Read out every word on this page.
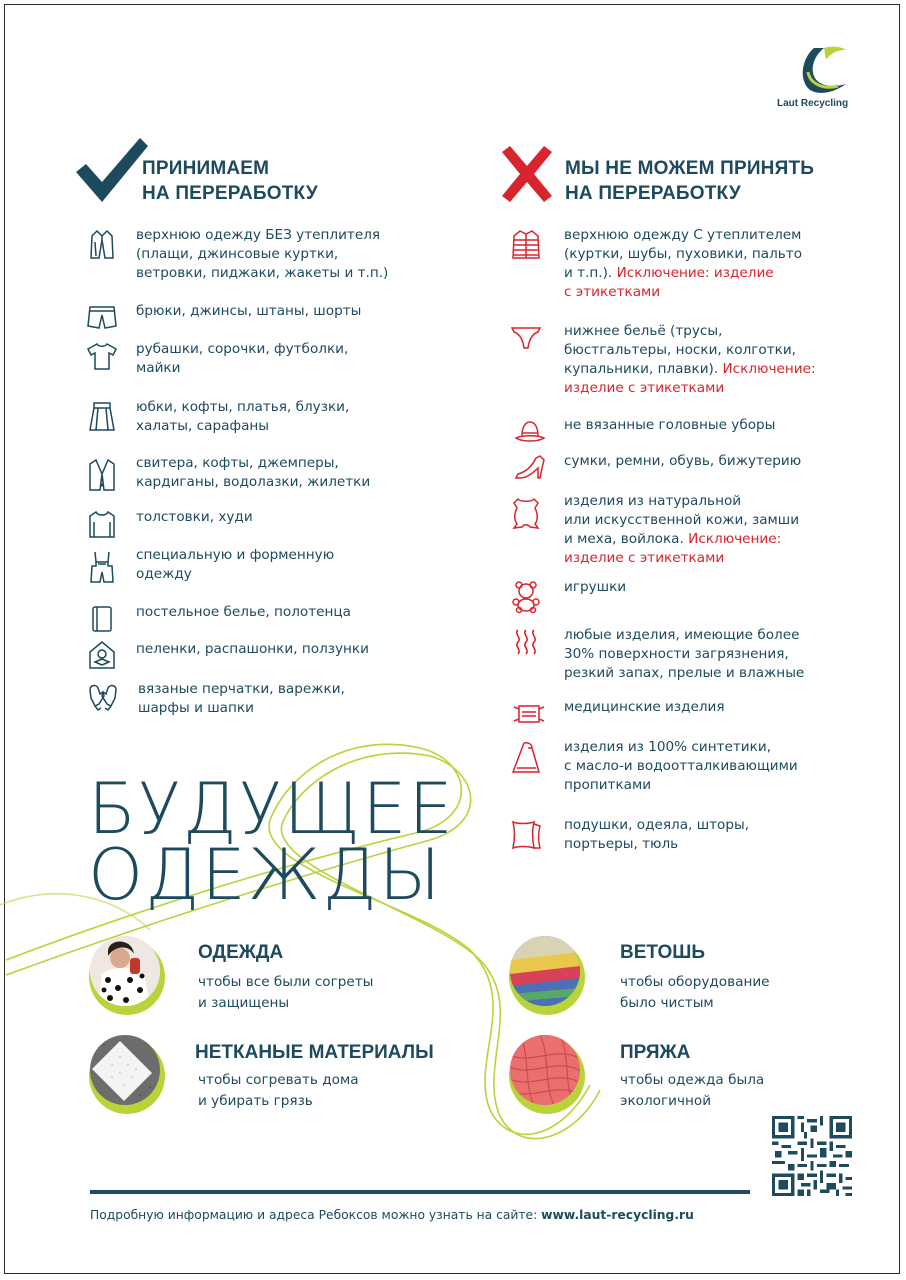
Laut Recycling
ПРИНИМАЕМ
НА ПЕРЕРАБОТКУ
верхнюю одежду БЕЗ утеплителя
(плащи, джинсовые куртки,
ветровки, пиджаки, жакеты и т.п.)
брюки, джинсы, штаны, шорты
рубашки, сорочки, футболки,
майки
юбки, кофты, платья, блузки,
халаты, сарафаны
свитера, кофты, джемперы,
кардиганы, водолазки, жилетки
толстовки, худи
специальную и форменную
одежду
постельное белье, полотенца
пеленки, распашонки, ползунки
вязаные перчатки, варежки,
шарфы и шапки
МЫ НЕ МОЖЕМ ПРИНЯТЬ
НА ПЕРЕРАБОТКУ
верхнюю одежду С утеплителем
(куртки, шубы, пуховики, пальто
и т.п.). Исключение: изделие
с этикетками
нижнее бельё (трусы,
бюстгальтеры, носки, колготки,
купальники, плавки). Исключение:
изделие с этикетками
не вязанные головные уборы
сумки, ремни, обувь, бижутерию
изделия из натуральной
или искусственной кожи, замши
и меха, войлока. Исключение:
изделие с этикетками
игрушки
любые изделия, имеющие более
30% поверхности загрязнения,
резкий запах, прелые и влажные
медицинские изделия
изделия из 100% синтетики,
с масло-и водоотталкивающими
пропитками
подушки, одеяла, шторы,
портьеры, тюль
БУДУЩЕЕ
ОДЕЖДЫ
ОДЕЖДА
чтобы все были согреты
и защищены
ВЕТОШЬ
чтобы оборудование
было чистым
НЕТКАНЫЕ МАТЕРИАЛЫ
чтобы согревать дома
и убирать грязь
ПРЯЖА
чтобы одежда была
экологичной
Подробную информацию и адреса Ребоксов можно узнать на сайте: www.laut-recycling.ru
